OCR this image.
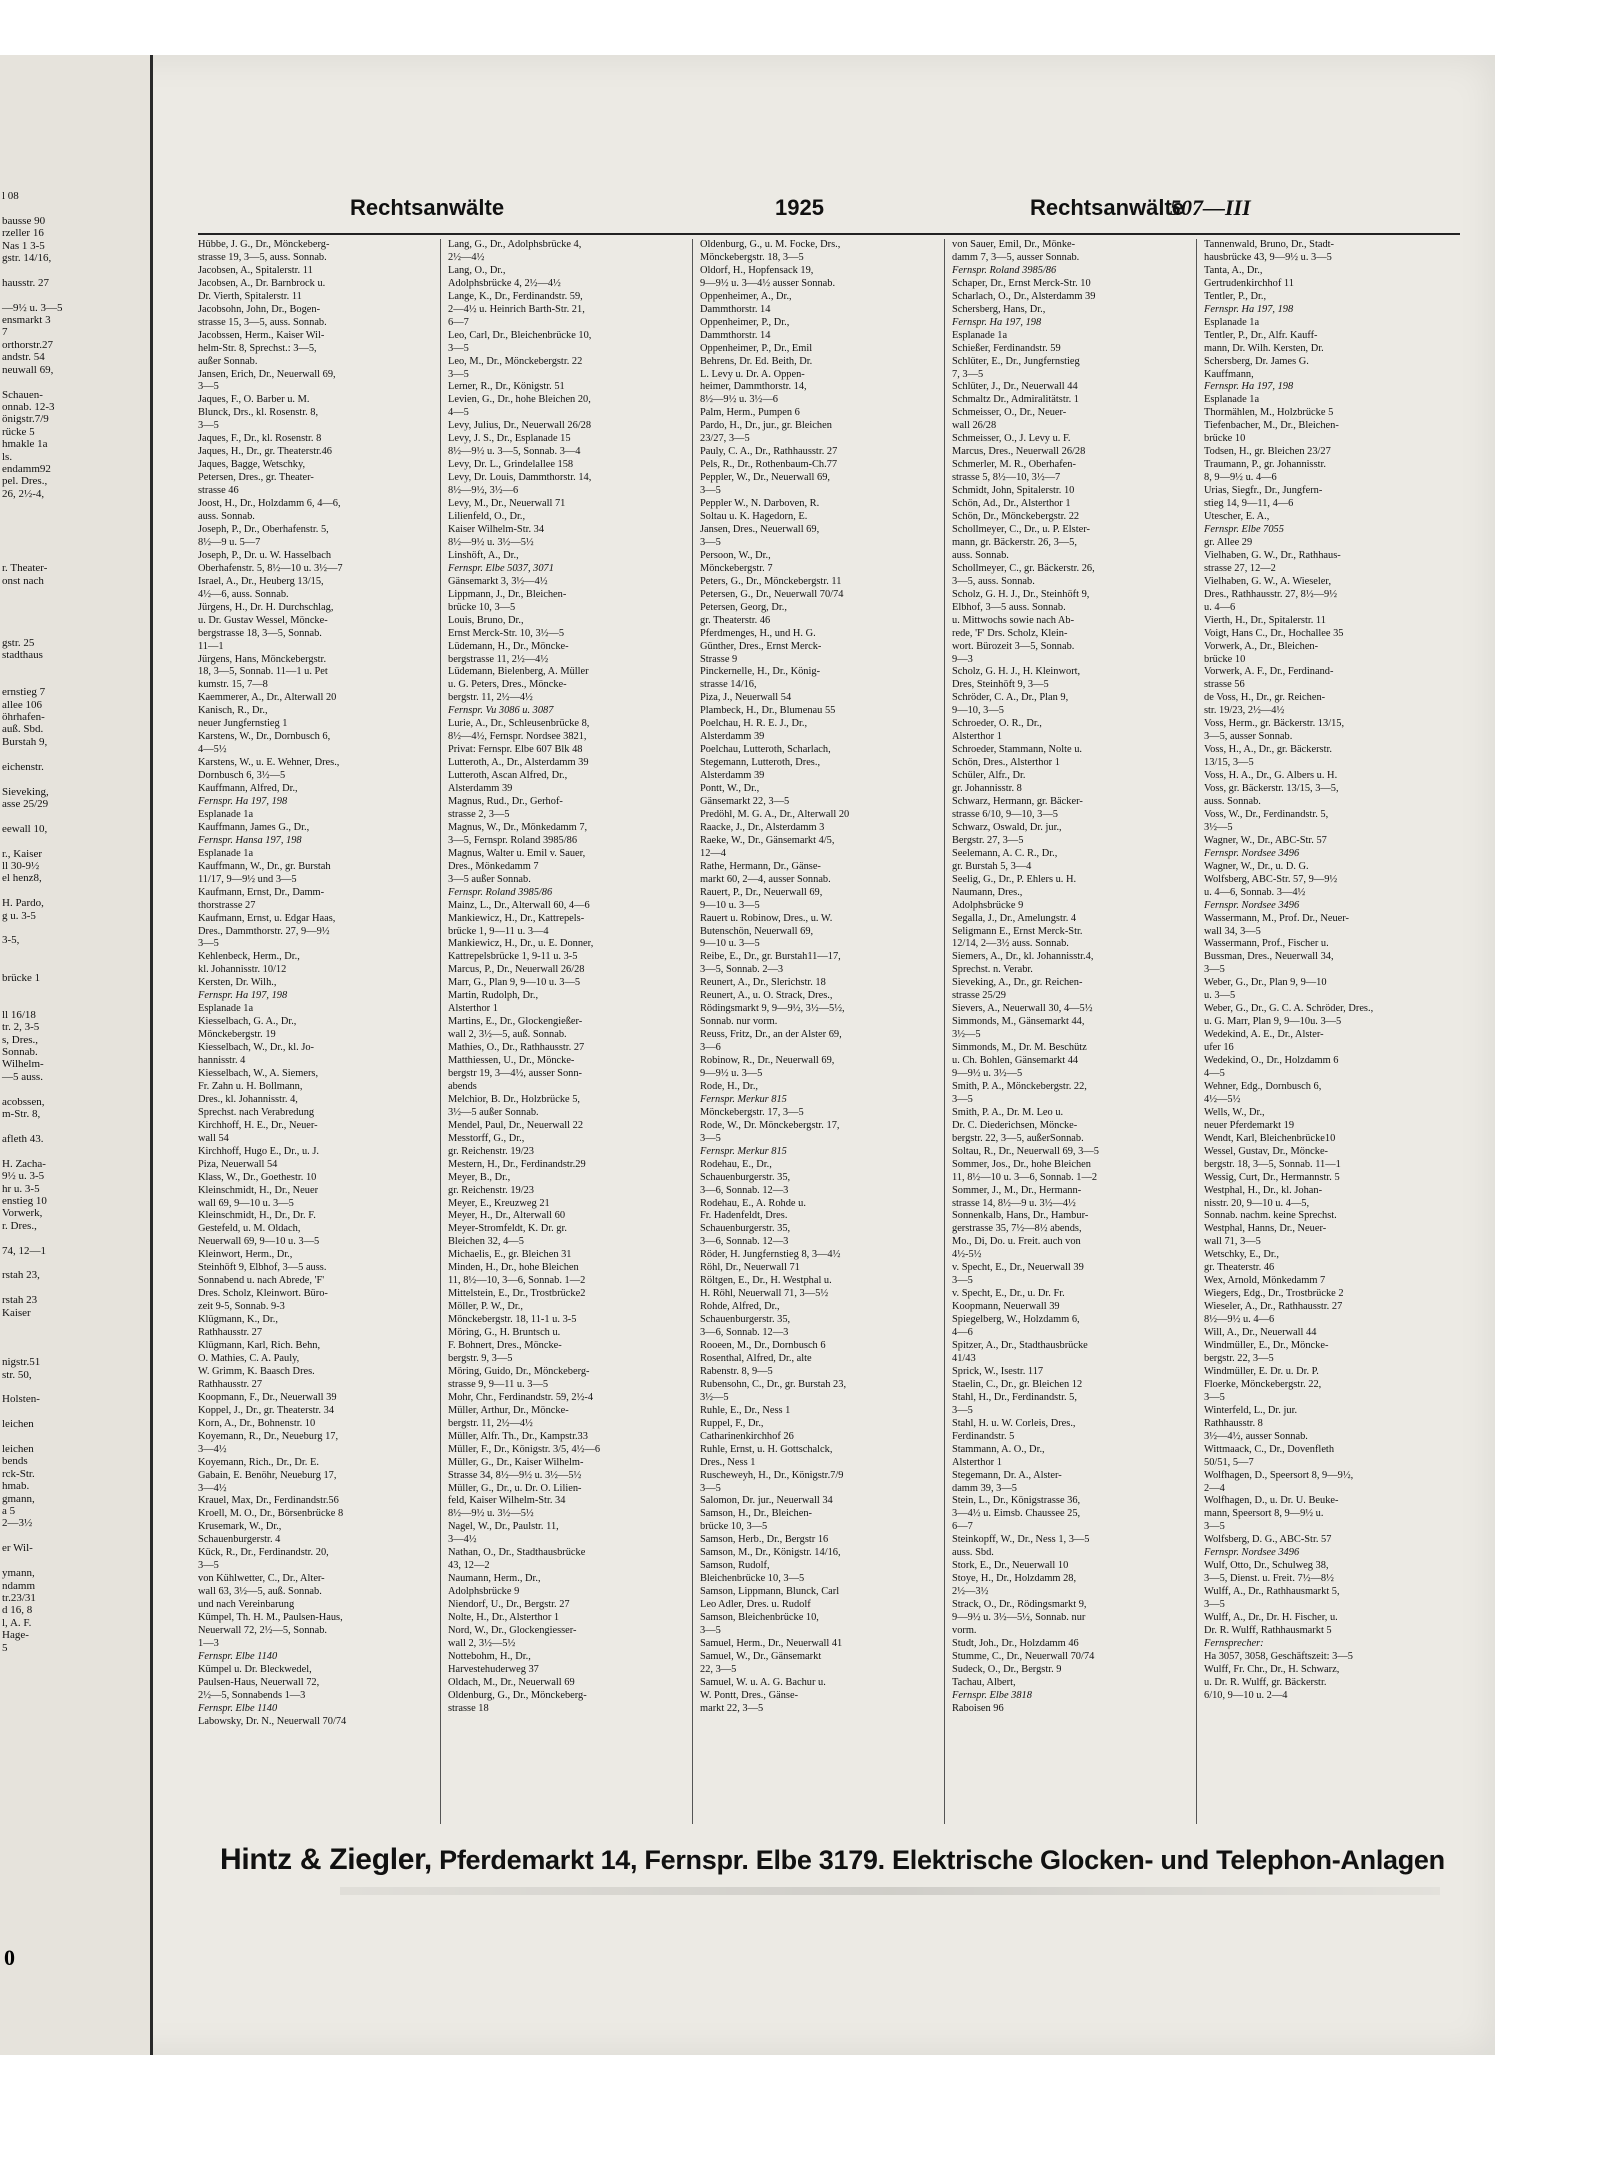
l 08

bausse 90
rzeller 16
Nas 1 3-5
gstr. 14/16,

hausstr. 27

—9½ u. 3—5
ensmarkt 3
7
orthorstr.27
andstr. 54
neuwall 69,

Schauen-
onnab. 12-3
önigstr.7/9
rücke 5
hmakle 1a
ls.
endamm92
pel. Dres.,
26, 2½-4,

r. Theater-
onst nach

gstr. 25
stadthaus

ernstieg 7
allee 106
öhrhafen-
auß. Sbd.
Burstah 9,

eichenstr.

Sieveking,
asse 25/29

eewall 10,

r., Kaiser
ll 30-9½
el henz8,

H. Pardo,
g u. 3-5

3-5,

brücke 1

ll 16/18
tr. 2, 3-5
s, Dres.,
Sonnab.
Wilhelm-
—5 auss.

acobssen,
m-Str. 8,

afleth 43.

H. Zacha-
9½ u. 3-5
hr u. 3-5
enstieg 10
Vorwerk,
r. Dres.,

74, 12—1

rstah 23,

rstah 23
Kaiser

nigstr.51
str. 50,

Holsten-

leichen

leichen
bends
rck-Str.
hmab.
gmann,
a 5
2—3½

er Wil-

ymann,
ndamm
tr.23/31
d 16, 8
l, A. F.
Hage-
5
0
Rechtsanwälte	1925	Rechtsanwälte
507—III
Hübbe, J. G., Dr., Mönckeberg-
strasse 19, 3—5, auss. Sonnab.
Jacobsen, A., Spitalerstr. 11
Jacobsen, A., Dr. Barnbrock u.
Dr. Vierth, Spitalerstr. 11
Jacobsohn, John, Dr., Bogen-
strasse 15, 3—5, auss. Sonnab.
Jacobssen, Herm., Kaiser Wil-
helm-Str. 8, Sprechst.: 3—5,
außer Sonnab.
Jansen, Erich, Dr., Neuerwall 69,
3—5
Jaques, F., O. Barber u. M.
Blunck, Drs., kl. Rosenstr. 8,
3—5
Jaques, F., Dr., kl. Rosenstr. 8
Jaques, H., Dr., gr. Theaterstr.46
Jaques, Bagge, Wetschky,
Petersen, Dres., gr. Theater-
strasse 46
Joost, H., Dr., Holzdamm 6, 4—6,
auss. Sonnab.
Joseph, P., Dr., Oberhafenstr. 5,
8½—9 u. 5—7
Joseph, P., Dr. u. W. Hasselbach
Oberhafenstr. 5, 8½—10 u. 3½—7
Israel, A., Dr., Heuberg 13/15,
4½—6, auss. Sonnab.
Jürgens, H., Dr. H. Durchschlag,
u. Dr. Gustav Wessel, Möncke-
bergstrasse 18, 3—5, Sonnab.
11—1
Jürgens, Hans, Mönckebergstr.
18, 3—5, Sonnab. 11—1 u. Pet
kumstr. 15, 7—8
Kaemmerer, A., Dr., Alterwall 20
Kanisch, R., Dr.,
neuer Jungfernstieg 1
Karstens, W., Dr., Dornbusch 6,
4—5½
Karstens, W., u. E. Wehner, Dres.,
Dornbusch 6, 3½—5
Kauffmann, Alfred, Dr.,
Fernspr. Ha 197, 198
Esplanade 1a
Kauffmann, James G., Dr.,
Fernspr. Hansa 197, 198
Esplanade 1a
Kauffmann, W., Dr., gr. Burstah
11/17, 9—9½ und 3—5
Kaufmann, Ernst, Dr., Damm-
thorstrasse 27
Kaufmann, Ernst, u. Edgar Haas,
Dres., Dammthorstr. 27, 9—9½
3—5
Kehlenbeck, Herm., Dr.,
kl. Johannisstr. 10/12
Kersten, Dr. Wilh.,
Fernspr. Ha 197, 198
Esplanade 1a
Kiesselbach, G. A., Dr.,
Mönckebergstr. 19
Kiesselbach, W., Dr., kl. Jo-
hannisstr. 4
Kiesselbach, W., A. Siemers,
Fr. Zahn u. H. Bollmann,
Dres., kl. Johannisstr. 4,
Sprechst. nach Verabredung
Kirchhoff, H. E., Dr., Neuer-
wall 54
Kirchhoff, Hugo E., Dr., u. J.
Piza, Neuerwall 54
Klass, W., Dr., Goethestr. 10
Kleinschmidt, H., Dr., Neuer
wall 69, 9—10 u. 3—5
Kleinschmidt, H., Dr., Dr. F.
Gestefeld, u. M. Oldach,
Neuerwall 69, 9—10 u. 3—5
Kleinwort, Herm., Dr.,
Steinhöft 9, Elbhof, 3—5 auss.
Sonnabend u. nach Abrede, 'F'
Dres. Scholz, Kleinwort. Büro-
zeit 9-5, Sonnab. 9-3
Klügmann, K., Dr.,
Rathhausstr. 27
Klügmann, Karl, Rich. Behn,
O. Mathies, C. A. Pauly,
W. Grimm, K. Baasch Dres.
Rathhausstr. 27
Koopmann, F., Dr., Neuerwall 39
Koppel, J., Dr., gr. Theaterstr. 34
Korn, A., Dr., Bohnenstr. 10
Koyemann, R., Dr., Neueburg 17,
3—4½
Koyemann, Rich., Dr., Dr. E.
Gabain, E. Benöhr, Neueburg 17,
3—4½
Krauel, Max, Dr., Ferdinandstr.56
Kroell, M. O., Dr., Börsenbrücke 8
Krusemark, W., Dr.,
Schauenburgerstr. 4
Kück, R., Dr., Ferdinandstr. 20,
3—5
von Kühlwetter, C., Dr., Alter-
wall 63, 3½—5, auß. Sonnab.
und nach Vereinbarung
Kümpel, Th. H. M., Paulsen-Haus,
Neuerwall 72, 2½—5, Sonnab.
1—3
Fernspr. Elbe 1140
Kümpel u. Dr. Bleckwedel,
Paulsen-Haus, Neuerwall 72,
2½—5, Sonnabends 1—3
Fernspr. Elbe 1140
Labowsky, Dr. N., Neuerwall 70/74
Lang, G., Dr., Adolphsbrücke 4,
2½—4½
Lang, O., Dr.,
Adolphsbrücke 4, 2½—4½
Lange, K., Dr., Ferdinandstr. 59,
2—4½ u. Heinrich Barth-Str. 21,
6—7
Leo, Carl, Dr., Bleichenbrücke 10,
3—5
Leo, M., Dr., Mönckebergstr. 22
3—5
Lerner, R., Dr., Königstr. 51
Levien, G., Dr., hohe Bleichen 20,
4—5
Levy, Julius, Dr., Neuerwall 26/28
Levy, J. S., Dr., Esplanade 15
8½—9½ u. 3—5, Sonnab. 3—4
Levy, Dr. L., Grindelallee 158
Levy, Dr. Louis, Dammthorstr. 14,
8½—9½, 3½—6
Levy, M., Dr., Neuerwall 71
Lilienfeld, O., Dr.,
Kaiser Wilhelm-Str. 34
8½—9½ u. 3½—5½
Linshöft, A., Dr.,
Fernspr. Elbe 5037, 3071
Gänsemarkt 3, 3½—4½
Lippmann, J., Dr., Bleichen-
brücke 10, 3—5
Louis, Bruno, Dr.,
Ernst Merck-Str. 10, 3½—5
Lüdemann, H., Dr., Möncke-
bergstrasse 11, 2½—4½
Lüdemann, Bielenberg, A. Müller
u. G. Peters, Dres., Möncke-
bergstr. 11, 2½—4½
Fernspr. Vu 3086 u. 3087
Lurie, A., Dr., Schleusenbrücke 8,
8½—4½, Fernspr. Nordsee 3821,
Privat: Fernspr. Elbe 607 Blk 48
Lutteroth, A., Dr., Alsterdamm 39
Lutteroth, Ascan Alfred, Dr.,
Alsterdamm 39
Magnus, Rud., Dr., Gerhof-
strasse 2, 3—5
Magnus, W., Dr., Mönkedamm 7,
3—5, Fernspr. Roland 3985/86
Magnus, Walter u. Emil v. Sauer,
Dres., Mönkedamm 7
3—5 außer Sonnab.
Fernspr. Roland 3985/86
Mainz, L., Dr., Alterwall 60, 4—6
Mankiewicz, H., Dr., Kattrepels-
brücke 1, 9—11 u. 3—4
Mankiewicz, H., Dr., u. E. Donner,
Kattrepelsbrücke 1, 9-11 u. 3-5
Marcus, P., Dr., Neuerwall 26/28
Marr, G., Plan 9, 9—10 u. 3—5
Martin, Rudolph, Dr.,
Alsterthor 1
Martins, E., Dr., Glockengießer-
wall 2, 3½—5, auß. Sonnab.
Mathies, O., Dr., Rathhausstr. 27
Matthiessen, U., Dr., Möncke-
bergstr 19, 3—4½, ausser Sonn-
abends
Melchior, B. Dr., Holzbrücke 5,
3½—5 außer Sonnab.
Mendel, Paul, Dr., Neuerwall 22
Messtorff, G., Dr.,
gr. Reichenstr. 19/23
Mestern, H., Dr., Ferdinandstr.29
Meyer, B., Dr.,
gr. Reichenstr. 19/23
Meyer, E., Kreuzweg 21
Meyer, H., Dr., Alterwall 60
Meyer-Stromfeldt, K. Dr. gr.
Bleichen 32, 4—5
Michaelis, E., gr. Bleichen 31
Minden, H., Dr., hohe Bleichen
11, 8½—10, 3—6, Sonnab. 1—2
Mittelstein, E., Dr., Trostbrücke2
Möller, P. W., Dr.,
Mönckebergstr. 18, 11-1 u. 3-5
Möring, G., H. Bruntsch u.
F. Bohnert, Dres., Möncke-
bergstr. 9, 3—5
Möring, Guido, Dr., Mönckeberg-
strasse 9, 9—11 u. 3—5
Mohr, Chr., Ferdinandstr. 59, 2½-4
Müller, Arthur, Dr., Möncke-
bergstr. 11, 2½—4½
Müller, Alfr. Th., Dr., Kampstr.33
Müller, F., Dr., Königstr. 3/5, 4½—6
Müller, G., Dr., Kaiser Wilhelm-
Strasse 34, 8½—9½ u. 3½—5½
Müller, G., Dr., u. Dr. O. Lilien-
feld, Kaiser Wilhelm-Str. 34
8½—9½ u. 3½—5½
Nagel, W., Dr., Paulstr. 11,
3—4½
Nathan, O., Dr., Stadthausbrücke
43, 12—2
Naumann, Herm., Dr.,
Adolphsbrücke 9
Niendorf, U., Dr., Bergstr. 27
Nolte, H., Dr., Alsterthor 1
Nord, W., Dr., Glockengiesser-
wall 2, 3½—5½
Nottebohm, H., Dr.,
Harvestehuderweg 37
Oldach, M., Dr., Neuerwall 69
Oldenburg, G., Dr., Mönckeberg-
strasse 18
Oldenburg, G., u. M. Focke, Drs.,
Mönckebergstr. 18, 3—5
Oldorf, H., Hopfensack 19,
9—9½ u. 3—4½ ausser Sonnab.
Oppenheimer, A., Dr.,
Dammthorstr. 14
Oppenheimer, P., Dr.,
Dammthorstr. 14
Oppenheimer, P., Dr., Emil
Behrens, Dr. Ed. Beith, Dr.
L. Levy u. Dr. A. Oppen-
heimer, Dammthorstr. 14,
8½—9½ u. 3½—6
Palm, Herm., Pumpen 6
Pardo, H., Dr., jur., gr. Bleichen
23/27, 3—5
Pauly, C. A., Dr., Rathhausstr. 27
Pels, R., Dr., Rothenbaum-Ch.77
Peppler, W., Dr., Neuerwall 69,
3—5
Peppler W., N. Darboven, R.
Soltau u. K. Hagedorn, E.
Jansen, Dres., Neuerwall 69,
3—5
Persoon, W., Dr.,
Mönckebergstr. 7
Peters, G., Dr., Mönckebergstr. 11
Petersen, G., Dr., Neuerwall 70/74
Petersen, Georg, Dr.,
gr. Theaterstr. 46
Pferdmenges, H., und H. G.
Günther, Dres., Ernst Merck-
Strasse 9
Pinckernelle, H., Dr., König-
strasse 14/16,
Piza, J., Neuerwall 54
Plambeck, H., Dr., Blumenau 55
Poelchau, H. R. E. J., Dr.,
Alsterdamm 39
Poelchau, Lutteroth, Scharlach,
Stegemann, Lutteroth, Dres.,
Alsterdamm 39
Pontt, W., Dr.,
Gänsemarkt 22, 3—5
Predöhl, M. G. A., Dr., Alterwall 20
Raacke, J., Dr., Alsterdamm 3
Raeke, W., Dr., Gänsemarkt 4/5,
12—4
Rathe, Hermann, Dr., Gänse-
markt 60, 2—4, ausser Sonnab.
Rauert, P., Dr., Neuerwall 69,
9—10 u. 3—5
Rauert u. Robinow, Dres., u. W.
Butenschön, Neuerwall 69,
9—10 u. 3—5
Reibe, E., Dr., gr. Burstah11—17,
3—5, Sonnab. 2—3
Reunert, A., Dr., Slerichstr. 18
Reunert, A., u. O. Strack, Dres.,
Rödingsmarkt 9, 9—9½, 3½—5½,
Sonnab. nur vorm.
Reuss, Fritz, Dr., an der Alster 69,
3—6
Robinow, R., Dr., Neuerwall 69,
9—9½ u. 3—5
Rode, H., Dr.,
Fernspr. Merkur 815
Mönckebergstr. 17, 3—5
Rode, W., Dr. Mönckebergstr. 17,
3—5
Fernspr. Merkur 815
Rodehau, E., Dr.,
Schauenburgerstr. 35,
3—6, Sonnab. 12—3
Rodehau, E., A. Rohde u.
Fr. Hadenfeldt, Dres.
Schauenburgerstr. 35,
3—6, Sonnab. 12—3
Röder, H. Jungfernstieg 8, 3—4½
Röhl, Dr., Neuerwall 71
Röltgen, E., Dr., H. Westphal u.
H. Röhl, Neuerwall 71, 3—5½
Rohde, Alfred, Dr.,
Schauenburgerstr. 35,
3—6, Sonnab. 12—3
Rooeen, M., Dr., Dornbusch 6
Rosenthal, Alfred, Dr., alte
Rabenstr. 8, 9—5
Rubensohn, C., Dr., gr. Burstah 23,
3½—5
Ruhle, E., Dr., Ness 1
Ruppel, F., Dr.,
Catharinenkirchhof 26
Ruhle, Ernst, u. H. Gottschalck,
Dres., Ness 1
Ruscheweyh, H., Dr., Königstr.7/9
3—5
Salomon, Dr. jur., Neuerwall 34
Samson, H., Dr., Bleichen-
brücke 10, 3—5
Samson, Herb., Dr., Bergstr 16
Samson, M., Dr., Königstr. 14/16,
Samson, Rudolf,
Bleichenbrücke 10, 3—5
Samson, Lippmann, Blunck, Carl
Leo Adler, Dres. u. Rudolf
Samson, Bleichenbrücke 10,
3—5
Samuel, Herm., Dr., Neuerwall 41
Samuel, W., Dr., Gänsemarkt
22, 3—5
Samuel, W. u. A. G. Bachur u.
W. Pontt, Dres., Gänse-
markt 22, 3—5
von Sauer, Emil, Dr., Mönke-
damm 7, 3—5, ausser Sonnab.
Fernspr. Roland 3985/86
Schaper, Dr., Ernst Merck-Str. 10
Scharlach, O., Dr., Alsterdamm 39
Schersberg, Hans, Dr.,
Fernspr. Ha 197, 198
Esplanade 1a
Schießer, Ferdinandstr. 59
Schlüter, E., Dr., Jungfernstieg
7, 3—5
Schlüter, J., Dr., Neuerwall 44
Schmaltz Dr., Admiralitätstr. 1
Schmeisser, O., Dr., Neuer-
wall 26/28
Schmeisser, O., J. Levy u. F.
Marcus, Dres., Neuerwall 26/28
Schmerler, M. R., Oberhafen-
strasse 5, 8½—10, 3½—7
Schmidt, John, Spitalerstr. 10
Schön, Ad., Dr., Alsterthor 1
Schön, Dr., Mönckebergstr. 22
Schollmeyer, C., Dr., u. P. Elster-
mann, gr. Bäckerstr. 26, 3—5,
auss. Sonnab.
Schollmeyer, C., gr. Bäckerstr. 26,
3—5, auss. Sonnab.
Scholz, G. H. J., Dr., Steinhöft 9,
Elbhof, 3—5 auss. Sonnab.
u. Mittwochs sowie nach Ab-
rede, 'F' Drs. Scholz, Klein-
wort. Bürozeit 3—5, Sonnab.
9—3
Scholz, G. H. J., H. Kleinwort,
Dres, Steinhöft 9, 3—5
Schröder, C. A., Dr., Plan 9,
9—10, 3—5
Schroeder, O. R., Dr.,
Alsterthor 1
Schroeder, Stammann, Nolte u.
Schön, Dres., Alsterthor 1
Schüler, Alfr., Dr.
gr. Johannisstr. 8
Schwarz, Hermann, gr. Bäcker-
strasse 6/10, 9—10, 3—5
Schwarz, Oswald, Dr. jur.,
Bergstr. 27, 3—5
Seelemann, A. C. R., Dr.,
gr. Burstah 5, 3—4
Seelig, G., Dr., P. Ehlers u. H.
Naumann, Dres.,
Adolphsbrücke 9
Segalla, J., Dr., Amelungstr. 4
Seligmann E., Ernst Merck-Str.
12/14, 2—3½ auss. Sonnab.
Siemers, A., Dr., kl. Johannisstr.4,
Sprechst. n. Verabr.
Sieveking, A., Dr., gr. Reichen-
strasse 25/29
Sievers, A., Neuerwall 30, 4—5½
Simmonds, M., Gänsemarkt 44,
3½—5
Simmonds, M., Dr. M. Beschütz
u. Ch. Bohlen, Gänsemarkt 44
9—9½ u. 3½—5
Smith, P. A., Mönckebergstr. 22,
3—5
Smith, P. A., Dr. M. Leo u.
Dr. C. Diederichsen, Möncke-
bergstr. 22, 3—5, außerSonnab.
Soltau, R., Dr., Neuerwall 69, 3—5
Sommer, Jos., Dr., hohe Bleichen
11, 8½—10 u. 3—6, Sonnab. 1—2
Sommer, J., M., Dr., Hermann-
strasse 14, 8½—9 u. 3½—4½
Sonnenkalb, Hans, Dr., Hambur-
gerstrasse 35, 7½—8½ abends,
Mo., Di, Do. u. Freit. auch von
4½-5½
v. Specht, E., Dr., Neuerwall 39
3—5
v. Specht, E., Dr., u. Dr. Fr.
Koopmann, Neuerwall 39
Spiegelberg, W., Holzdamm 6,
4—6
Spitzer, A., Dr., Stadthausbrücke
41/43
Sprick, W., Isestr. 117
Staelin, C., Dr., gr. Bleichen 12
Stahl, H., Dr., Ferdinandstr. 5,
3—5
Stahl, H. u. W. Corleis, Dres.,
Ferdinandstr. 5
Stammann, A. O., Dr.,
Alsterthor 1
Stegemann, Dr. A., Alster-
damm 39, 3—5
Stein, L., Dr., Königstrasse 36,
3—4½ u. Eimsb. Chaussee 25,
6—7
Steinkopff, W., Dr., Ness 1, 3—5
auss. Sbd.
Stork, E., Dr., Neuerwall 10
Stoye, H., Dr., Holzdamm 28,
2½—3½
Strack, O., Dr., Rödingsmarkt 9,
9—9½ u. 3½—5½, Sonnab. nur
vorm.
Studt, Joh., Dr., Holzdamm 46
Stumme, C., Dr., Neuerwall 70/74
Sudeck, O., Dr., Bergstr. 9
Tachau, Albert,
Fernspr. Elbe 3818
Raboisen 96
Tannenwald, Bruno, Dr., Stadt-
hausbrücke 43, 9—9½ u. 3—5
Tanta, A., Dr.,
Gertrudenkirchhof 11
Tentler, P., Dr.,
Fernspr. Ha 197, 198
Esplanade 1a
Tentler, P., Dr., Alfr. Kauff-
mann, Dr. Wilh. Kersten, Dr.
Schersberg, Dr. James G.
Kauffmann,
Fernspr. Ha 197, 198
Esplanade 1a
Thormählen, M., Holzbrücke 5
Tiefenbacher, M., Dr., Bleichen-
brücke 10
Todsen, H., gr. Bleichen 23/27
Traumann, P., gr. Johannisstr.
8, 9—9½ u. 4—6
Urias, Siegfr., Dr., Jungfern-
stieg 14, 9—11, 4—6
Utescher, E. A.,
Fernspr. Elbe 7055
gr. Allee 29
Vielhaben, G. W., Dr., Rathhaus-
strasse 27, 12—2
Vielhaben, G. W., A. Wieseler,
Dres., Rathhausstr. 27, 8½—9½
u. 4—6
Vierth, H., Dr., Spitalerstr. 11
Voigt, Hans C., Dr., Hochallee 35
Vorwerk, A., Dr., Bleichen-
brücke 10
Vorwerk, A. F., Dr., Ferdinand-
strasse 56
de Voss, H., Dr., gr. Reichen-
str. 19/23, 2½—4½
Voss, Herm., gr. Bäckerstr. 13/15,
3—5, ausser Sonnab.
Voss, H., A., Dr., gr. Bäckerstr.
13/15, 3—5
Voss, H. A., Dr., G. Albers u. H.
Voss, gr. Bäckerstr. 13/15, 3—5,
auss. Sonnab.
Voss, W., Dr., Ferdinandstr. 5,
3½—5
Wagner, W., Dr., ABC-Str. 57
Fernspr. Nordsee 3496
Wagner, W., Dr., u. D. G.
Wolfsberg, ABC-Str. 57, 9—9½
u. 4—6, Sonnab. 3—4½
Fernspr. Nordsee 3496
Wassermann, M., Prof. Dr., Neuer-
wall 34, 3—5
Wassermann, Prof., Fischer u.
Bussman, Dres., Neuerwall 34,
3—5
Weber, G., Dr., Plan 9, 9—10
u. 3—5
Weber, G., Dr., G. C. A. Schröder, Dres.,
u. G. Marr, Plan 9, 9—10u. 3—5
Wedekind, A. E., Dr., Alster-
ufer 16
Wedekind, O., Dr., Holzdamm 6
4—5
Wehner, Edg., Dornbusch 6,
4½—5½
Wells, W., Dr.,
neuer Pferdemarkt 19
Wendt, Karl, Bleichenbrücke10
Wessel, Gustav, Dr., Möncke-
bergstr. 18, 3—5, Sonnab. 11—1
Wessig, Curt, Dr., Hermannstr. 5
Westphal, H., Dr., kl. Johan-
nisstr. 20, 9—10 u. 4—5,
Sonnab. nachm. keine Sprechst.
Westphal, Hanns, Dr., Neuer-
wall 71, 3—5
Wetschky, E., Dr.,
gr. Theaterstr. 46
Wex, Arnold, Mönkedamm 7
Wiegers, Edg., Dr., Trostbrücke 2
Wieseler, A., Dr., Rathhausstr. 27
8½—9½ u. 4—6
Will, A., Dr., Neuerwall 44
Windmüller, E., Dr., Möncke-
bergstr. 22, 3—5
Windmüller, E. Dr. u. Dr. P.
Floerke, Mönckebergstr. 22,
3—5
Winterfeld, L., Dr. jur.
Rathhausstr. 8
3½—4½, ausser Sonnab.
Wittmaack, C., Dr., Dovenfleth
50/51, 5—7
Wolfhagen, D., Speersort 8, 9—9½,
2—4
Wolfhagen, D., u. Dr. U. Beuke-
mann, Speersort 8, 9—9½ u.
3—5
Wolfsberg, D. G., ABC-Str. 57
Fernspr. Nordsee 3496
Wulf, Otto, Dr., Schulweg 38,
3—5, Dienst. u. Freit. 7½—8½
Wulff, A., Dr., Rathhausmarkt 5,
3—5
Wulff, A., Dr., Dr. H. Fischer, u.
Dr. R. Wulff, Rathhausmarkt 5
Fernsprecher:
Ha 3057, 3058, Geschäftszeit: 3—5
Wulff, Fr. Chr., Dr., H. Schwarz,
u. Dr. R. Wulff, gr. Bäckerstr.
6/10, 9—10 u. 2—4
Hintz & Ziegler, Pferdemarkt 14, Fernspr. Elbe 3179. Elektrische Glocken- und Telephon-Anlagen
